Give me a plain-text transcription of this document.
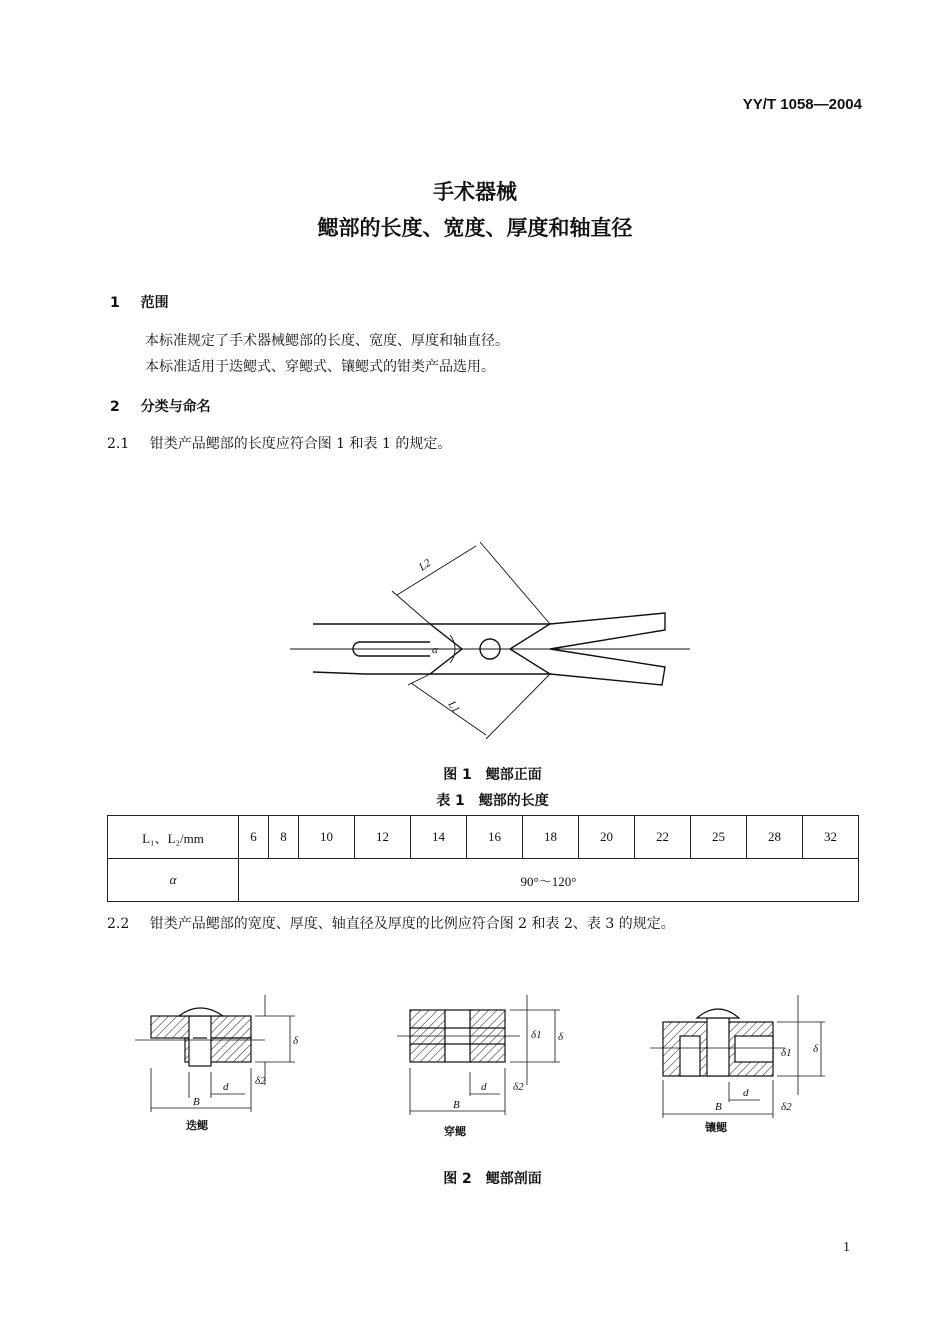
YY/T 1058—2004
手术器械
鳃部的长度、宽度、厚度和轴直径
1 范围
本标准规定了手术器械鳃部的长度、宽度、厚度和轴直径。
本标准适用于迭鳃式、穿鳃式、镶鳃式的钳类产品选用。
2 分类与命名
2.1 钳类产品鳃部的长度应符合图 1 和表 1 的规定。
L2
L1
α
图 1　鳃部正面
表 1　鳃部的长度
L₁、L₂/mm	6	8	10	12	14	16	18	20	22	25	28	32
α	90°～120°											
2.2 钳类产品鳃部的宽度、厚度、轴直径及厚度的比例应符合图 2 和表 2、表 3 的规定。
B
d
δ
δ2
B
d
δ
δ1
δ2
B
d
δ
δ1
δ2
迭鳃	穿鳃	镶鳃
图 2　鳃部剖面
1
